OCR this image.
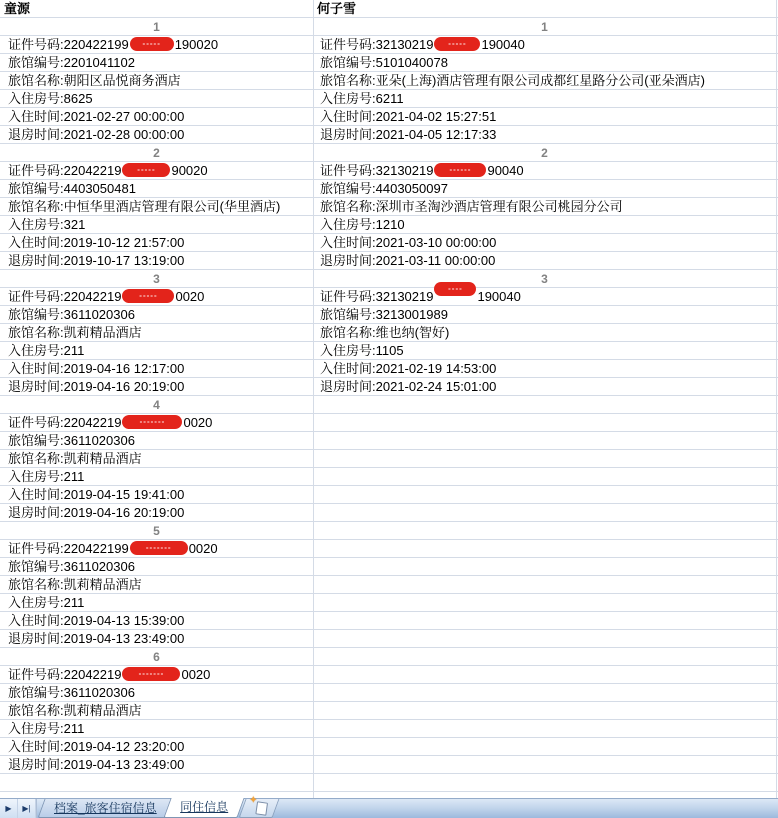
童源
1
证件号码:220422199 ----- 190020
旅馆编号:2201041102
旅馆名称:朝阳区品悦商务酒店
入住房号:8625
入住时间:2021-02-27 00:00:00
退房时间:2021-02-28 00:00:00
2
证件号码:22042219 ----- 90020
旅馆编号:4403050481
旅馆名称:中恒华里酒店管理有限公司(华里酒店)
入住房号:321
入住时间:2019-10-12 21:57:00
退房时间:2019-10-17 13:19:00
3
证件号码:22042219 ----- 0020
旅馆编号:3611020306
旅馆名称:凯莉精品酒店
入住房号:211
入住时间:2019-04-16 12:17:00
退房时间:2019-04-16 20:19:00
4
证件号码:22042219 ------- 0020
旅馆编号:3611020306
旅馆名称:凯莉精品酒店
入住房号:211
入住时间:2019-04-15 19:41:00
退房时间:2019-04-16 20:19:00
5
证件号码:220422199 ------- 0020
旅馆编号:3611020306
旅馆名称:凯莉精品酒店
入住房号:211
入住时间:2019-04-13 15:39:00
退房时间:2019-04-13 23:49:00
6
证件号码:22042219 ------- 0020
旅馆编号:3611020306
旅馆名称:凯莉精品酒店
入住房号:211
入住时间:2019-04-12 23:20:00
退房时间:2019-04-13 23:49:00
何子雪
1
证件号码:32130219 ----- 190040
旅馆编号:5101040078
旅馆名称:亚朵(上海)酒店管理有限公司成都红星路分公司(亚朵酒店)
入住房号:6211
入住时间:2021-04-02 15:27:51
退房时间:2021-04-05 12:17:33
2
证件号码:32130219 ------ 90040
旅馆编号:4403050097
旅馆名称:深圳市圣淘沙酒店管理有限公司桃园分公司
入住房号:1210
入住时间:2021-03-10 00:00:00
退房时间:2021-03-11 00:00:00
3
证件号码:32130219----190040
旅馆编号:3213001989
旅馆名称:维也纳(智好)
入住房号:1105
入住时间:2021-02-19 14:53:00
退房时间:2021-02-24 15:01:00
▶	▶|	档案_旅客住宿信息	同住信息	✦
